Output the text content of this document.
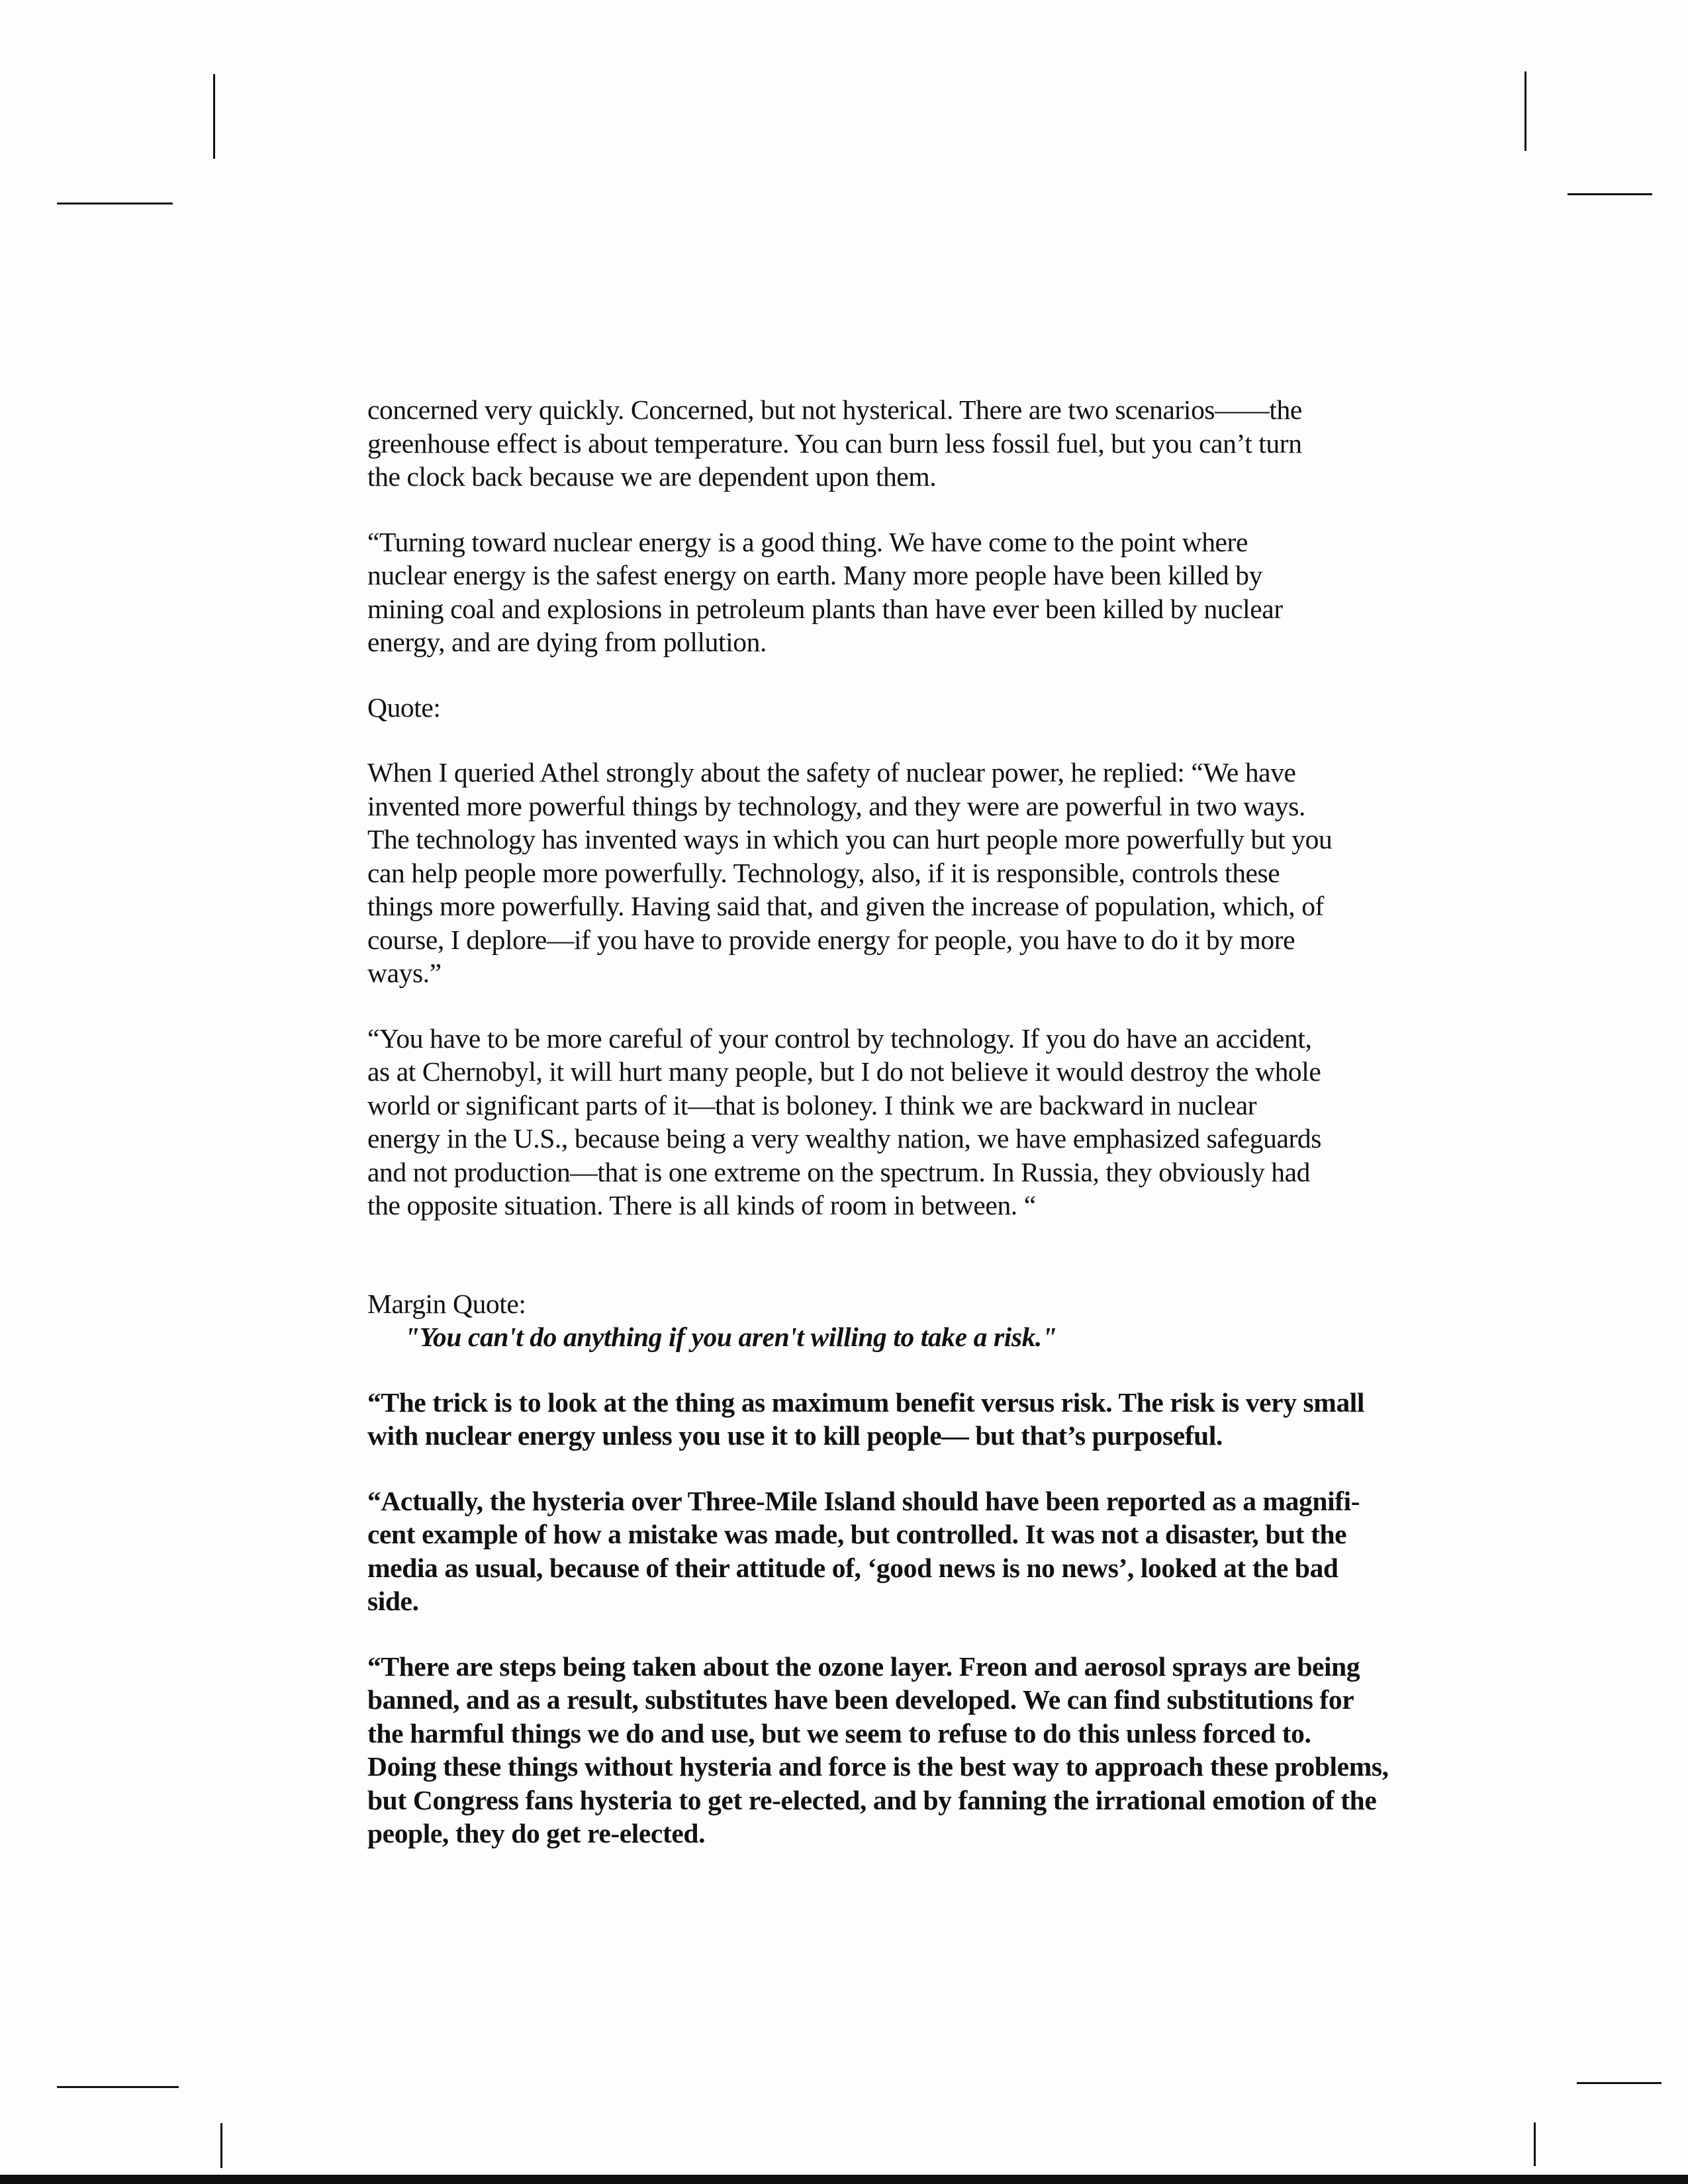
concerned very quickly. Concerned, but not hysterical. There are two scenarios——the
greenhouse effect is about temperature. You can burn less fossil fuel, but you can’t turn
the clock back because we are dependent upon them.
“Turning toward nuclear energy is a good thing. We have come to the point where
nuclear energy is the safest energy on earth. Many more people have been killed by
mining coal and explosions in petroleum plants than have ever been killed by nuclear
energy, and are dying from pollution.
Quote:
When I queried Athel strongly about the safety of nuclear power, he replied: “We have
invented more powerful things by technology, and they were are powerful in two ways.
The technology has invented ways in which you can hurt people more powerfully but you
can help people more powerfully. Technology, also, if it is responsible, controls these
things more powerfully. Having said that, and given the increase of population, which, of
course, I deplore—if you have to provide energy for people, you have to do it by more
ways.”
“You have to be more careful of your control by technology. If you do have an accident,
as at Chernobyl, it will hurt many people, but I do not believe it would destroy the whole
world or significant parts of it—that is boloney. I think we are backward in nuclear
energy in the U.S., because being a very wealthy nation, we have emphasized safeguards
and not production—that is one extreme on the spectrum. In Russia, they obviously had
the opposite situation. There is all kinds of room in between. “
Margin Quote:
"You can't do anything if you aren't willing to take a risk."
“The trick is to look at the thing as maximum benefit versus risk. The risk is very small
with nuclear energy unless you use it to kill people— but that’s purposeful.
“Actually, the hysteria over Three-Mile Island should have been reported as a magnifi-
cent example of how a mistake was made, but controlled. It was not a disaster, but the
media as usual, because of their attitude of, ‘good news is no news’, looked at the bad
side.
“There are steps being taken about the ozone layer. Freon and aerosol sprays are being
banned, and as a result, substitutes have been developed. We can find substitutions for
the harmful things we do and use, but we seem to refuse to do this unless forced to.
Doing these things without hysteria and force is the best way to approach these problems,
but Congress fans hysteria to get re-elected, and by fanning the irrational emotion of the
people, they do get re-elected.
